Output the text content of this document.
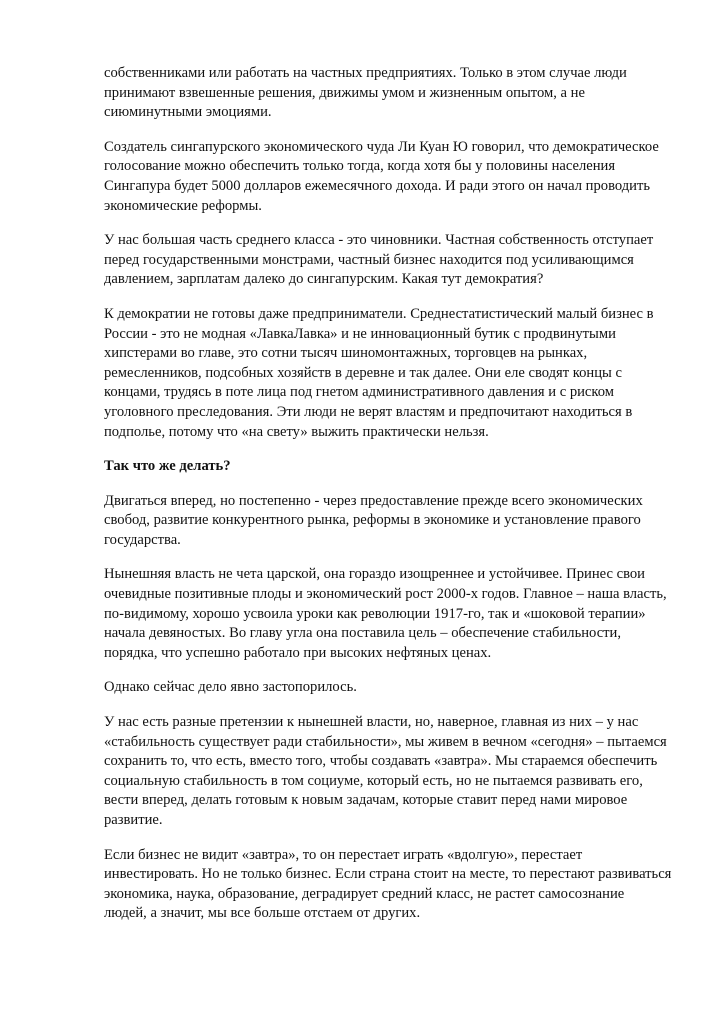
собственниками или работать на частных предприятиях. Только в этом случае люди
принимают взвешенные решения, движимы умом и жизненным опытом, а не
сиюминутными эмоциями.

Создатель сингапурского экономического чуда Ли Куан Ю говорил, что демократическое
голосование можно обеспечить только тогда, когда хотя бы у половины населения
Сингапура будет 5000 долларов ежемесячного дохода. И ради этого он начал проводить
экономические реформы.

У нас большая часть среднего класса - это чиновники. Частная собственность отступает
перед государственными монстрами, частный бизнес находится под усиливающимся
давлением, зарплатам далеко до сингапурским. Какая тут демократия?

К демократии не готовы даже предприниматели. Среднестатистический малый бизнес в
России - это не модная «ЛавкаЛавка» и не инновационный бутик с продвинутыми
хипстерами во главе, это сотни тысяч шиномонтажных, торговцев на рынках,
ремесленников, подсобных хозяйств в деревне и так далее. Они еле сводят концы с
концами, трудясь в поте лица под гнетом административного давления и с риском
уголовного преследования. Эти люди не верят властям и предпочитают находиться в
подполье, потому что «на свету» выжить практически нельзя.

Так что же делать?

Двигаться вперед, но постепенно - через предоставление прежде всего экономических
свобод, развитие конкурентного рынка, реформы в экономике и установление правого
государства.

Нынешняя власть не чета царской, она гораздо изощреннее и устойчивее. Принес свои
очевидные позитивные плоды и экономический рост 2000-х годов. Главное – наша власть,
по-видимому, хорошо усвоила уроки как революции 1917-го, так и «шоковой терапии»
начала девяностых. Во главу угла она поставила цель – обеспечение стабильности,
порядка, что успешно работало при высоких нефтяных ценах.

Однако сейчас дело явно застопорилось.

У нас есть разные претензии к нынешней власти, но, наверное, главная из них – у нас
«стабильность существует ради стабильности», мы живем в вечном «сегодня» – пытаемся
сохранить то, что есть, вместо того, чтобы создавать «завтра». Мы стараемся обеспечить
социальную стабильность в том социуме, который есть, но не пытаемся развивать его,
вести вперед, делать готовым к новым задачам, которые ставит перед нами мировое
развитие.

Если бизнес не видит «завтра», то он перестает играть «вдолгую», перестает
инвестировать. Но не только бизнес. Если страна стоит на месте, то перестают развиваться
экономика, наука, образование, деградирует средний класс, не растет самосознание
людей, а значит, мы все больше отстаем от других.
